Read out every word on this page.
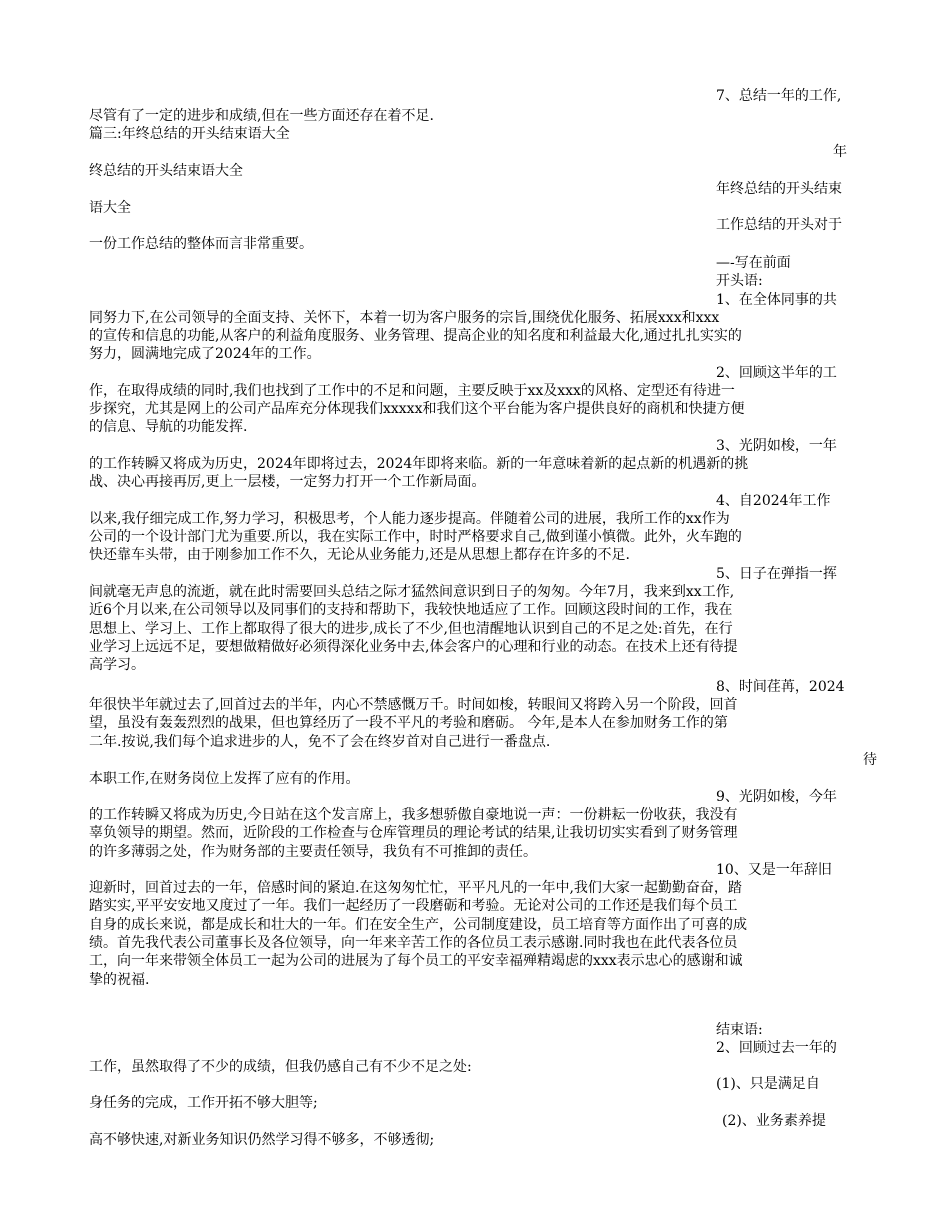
7、总结一年的工作,
尽管有了一定的进步和成绩,但在一些方面还存在着不足.
篇三:年终总结的开头结束语大全
年
终总结的开头结束语大全
年终总结的开头结束
语大全
工作总结的开头对于
一份工作总结的整体而言非常重要。
—-写在前面
开头语:
1、在全体同事的共
同努力下,在公司领导的全面支持、关怀下，本着一切为客户服务的宗旨,围绕优化服务、拓展xxx和xxx
的宣传和信息的功能,从客户的利益角度服务、业务管理、提高企业的知名度和利益最大化,通过扎扎实实的
努力，圆满地完成了2024年的工作。
2、回顾这半年的工
作，在取得成绩的同时,我们也找到了工作中的不足和问题，主要反映于xx及xxx的风格、定型还有待进一
步探究，尤其是网上的公司产品库充分体现我们xxxxx和我们这个平台能为客户提供良好的商机和快捷方便
的信息、导航的功能发挥.
3、光阴如梭，一年
的工作转瞬又将成为历史，2024年即将过去，2024年即将来临。新的一年意味着新的起点新的机遇新的挑
战、决心再接再厉,更上一层楼，一定努力打开一个工作新局面。
4、自2024年工作
以来,我仔细完成工作,努力学习，积极思考，个人能力逐步提高。伴随着公司的进展，我所工作的xx作为
公司的一个设计部门尤为重要.所以，我在实际工作中，时时严格要求自己,做到谨小慎微。此外，火车跑的
快还靠车头带，由于刚参加工作不久，无论从业务能力,还是从思想上都存在许多的不足.
5、日子在弹指一挥
间就毫无声息的流逝，就在此时需要回头总结之际才猛然间意识到日子的匆匆。今年7月，我来到xx工作,
近6个月以来,在公司领导以及同事们的支持和帮助下，我较快地适应了工作。回顾这段时间的工作，我在
思想上、学习上、工作上都取得了很大的进步,成长了不少,但也清醒地认识到自己的不足之处:首先，在行
业学习上远远不足，要想做精做好必须得深化业务中去,体会客户的心理和行业的动态。在技术上还有待提
高学习。
8、时间荏苒，2024
年很快半年就过去了,回首过去的半年，内心不禁感慨万千。时间如梭，转眼间又将跨入另一个阶段，回首
望，虽没有轰轰烈烈的战果，但也算经历了一段不平凡的考验和磨砺。 今年,是本人在参加财务工作的第
二年.按说,我们每个追求进步的人，免不了会在终岁首对自己进行一番盘点.
待
本职工作,在财务岗位上发挥了应有的作用。
9、光阴如梭，今年
的工作转瞬又将成为历史,今日站在这个发言席上，我多想骄傲自豪地说一声：一份耕耘一份收获，我没有
辜负领导的期望。然而，近阶段的工作检查与仓库管理员的理论考试的结果,让我切切实实看到了财务管理
的许多薄弱之处，作为财务部的主要责任领导，我负有不可推卸的责任。
10、又是一年辞旧
迎新时，回首过去的一年，倍感时间的紧迫.在这匆匆忙忙，平平凡凡的一年中,我们大家一起勤勤奋奋，踏
踏实实,平平安安地又度过了一年。我们一起经历了一段磨砺和考验。无论对公司的工作还是我们每个员工
自身的成长来说，都是成长和壮大的一年。们在安全生产，公司制度建设，员工培育等方面作出了可喜的成
绩。首先我代表公司董事长及各位领导，向一年来辛苦工作的各位员工表示感谢.同时我也在此代表各位员
工，向一年来带领全体员工一起为公司的进展为了每个员工的平安幸福殚精竭虑的xxx表示忠心的感谢和诚
挚的祝福.
结束语:
2、回顾过去一年的
工作，虽然取得了不少的成绩，但我仍感自己有不少不足之处:
(1)、只是满足自
身任务的完成，工作开拓不够大胆等;
(2)、业务素养提
高不够快速,对新业务知识仍然学习得不够多，不够透彻;
